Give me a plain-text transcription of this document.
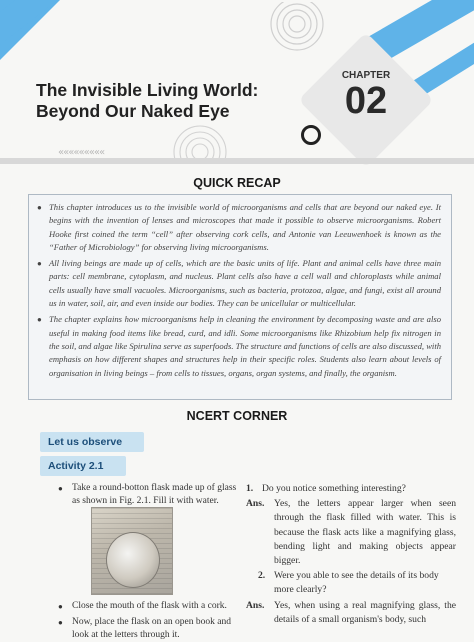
The Invisible Living World:
Beyond Our Naked Eye
«««««««««
CHAPTER
02
QUICK RECAP
● This chapter introduces us to the invisible world of microorganisms and cells that are beyond our naked eye. It begins with the invention of lenses and microscopes that made it possible to observe microorganisms. Robert Hooke first coined the term “cell” after observing cork cells, and Antonie van Leeuwenhoek is known as the “Father of Microbiology” for observing living microorganisms.
● All living beings are made up of cells, which are the basic units of life. Plant and animal cells have three main parts: cell membrane, cytoplasm, and nucleus. Plant cells also have a cell wall and chloroplasts while animal cells usually have small vacuoles. Microorganisms, such as bacteria, protozoa, algae, and fungi, exist all around us in water, soil, air, and even inside our bodies. They can be unicellular or multicellular.
● The chapter explains how microorganisms help in cleaning the environment by decomposing waste and are also useful in making food items like bread, curd, and idli. Some microorganisms like Rhizobium help fix nitrogen in the soil, and algae like Spirulina serve as superfoods. The structure and functions of cells are also discussed, with emphasis on how different shapes and structures help in their specific roles. Students also learn about levels of organisation in living beings – from cells to tissues, organs, organ systems, and finally, the organism.
NCERT CORNER
Let us observe
Activity 2.1
● Take a round-botton flask made up of glass as shown in Fig. 2.1. Fill it with water.
● Close the mouth of the flask with a cork.
● Now, place the flask on an open book and look at the letters through it.
1. Do you notice something interesting?
Ans. Yes, the letters appear larger when seen through the flask filled with water. This is because the flask acts like a magnifying glass, bending light and making objects appear bigger.
2. Were you able to see the details of its body more clearly?
Ans. Yes, when using a real magnifying glass, the details of a small organism's body, such
